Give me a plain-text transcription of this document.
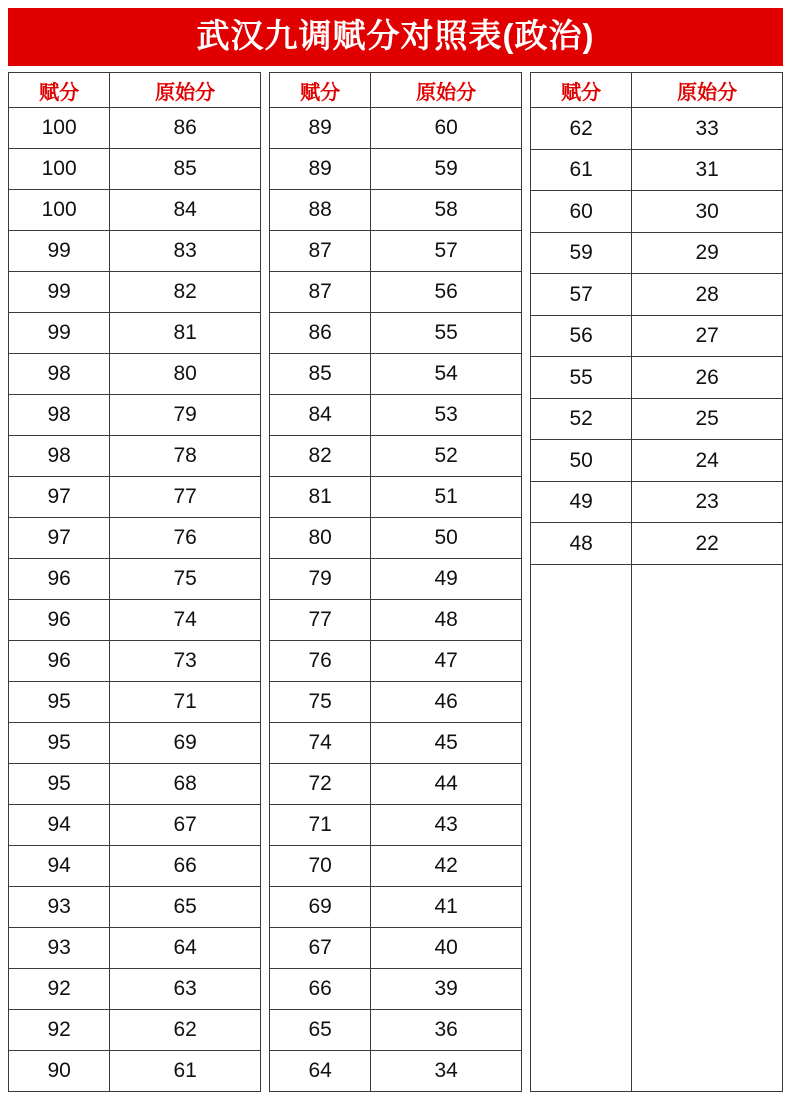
武汉九调赋分对照表(政治)
赋分	原始分
100	86
100	85
100	84
99	83
99	82
99	81
98	80
98	79
98	78
97	77
97	76
96	75
96	74
96	73
95	71
95	69
95	68
94	67
94	66
93	65
93	64
92	63
92	62
90	61
赋分	原始分
89	60
89	59
88	58
87	57
87	56
86	55
85	54
84	53
82	52
81	51
80	50
79	49
77	48
76	47
75	46
74	45
72	44
71	43
70	42
69	41
67	40
66	39
65	36
64	34
赋分	原始分
62	33
61	31
60	30
59	29
57	28
56	27
55	26
52	25
50	24
49	23
48	22
